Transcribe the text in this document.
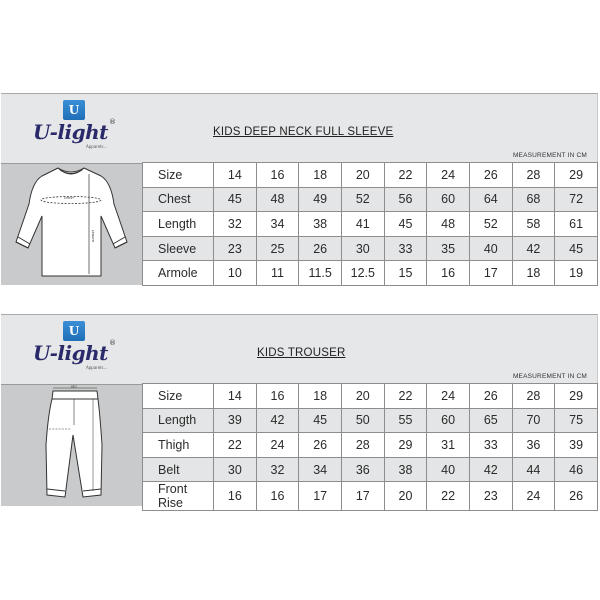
U
U-light ®
Apparels...
KIDS DEEP NECK FULL SLEEVE
MEASUREMENT IN CM
CHEST
LENGTH
Size	14	16	18	20	22	24	26	28	29
Chest	45	48	49	52	56	60	64	68	72
Length	32	34	38	41	45	48	52	58	61
Sleeve	23	25	26	30	33	35	40	42	45
Armole	10	11	11.5	12.5	15	16	17	18	19
U
U-light ®
Apparels...
KIDS TROUSER
MEASUREMENT IN CM
BELT
Size	14	16	18	20	22	24	26	28	29
Length	39	42	45	50	55	60	65	70	75
Thigh	22	24	26	28	29	31	33	36	39
Belt	30	32	34	36	38	40	42	44	46
Front Rise	16	16	17	17	20	22	23	24	26
